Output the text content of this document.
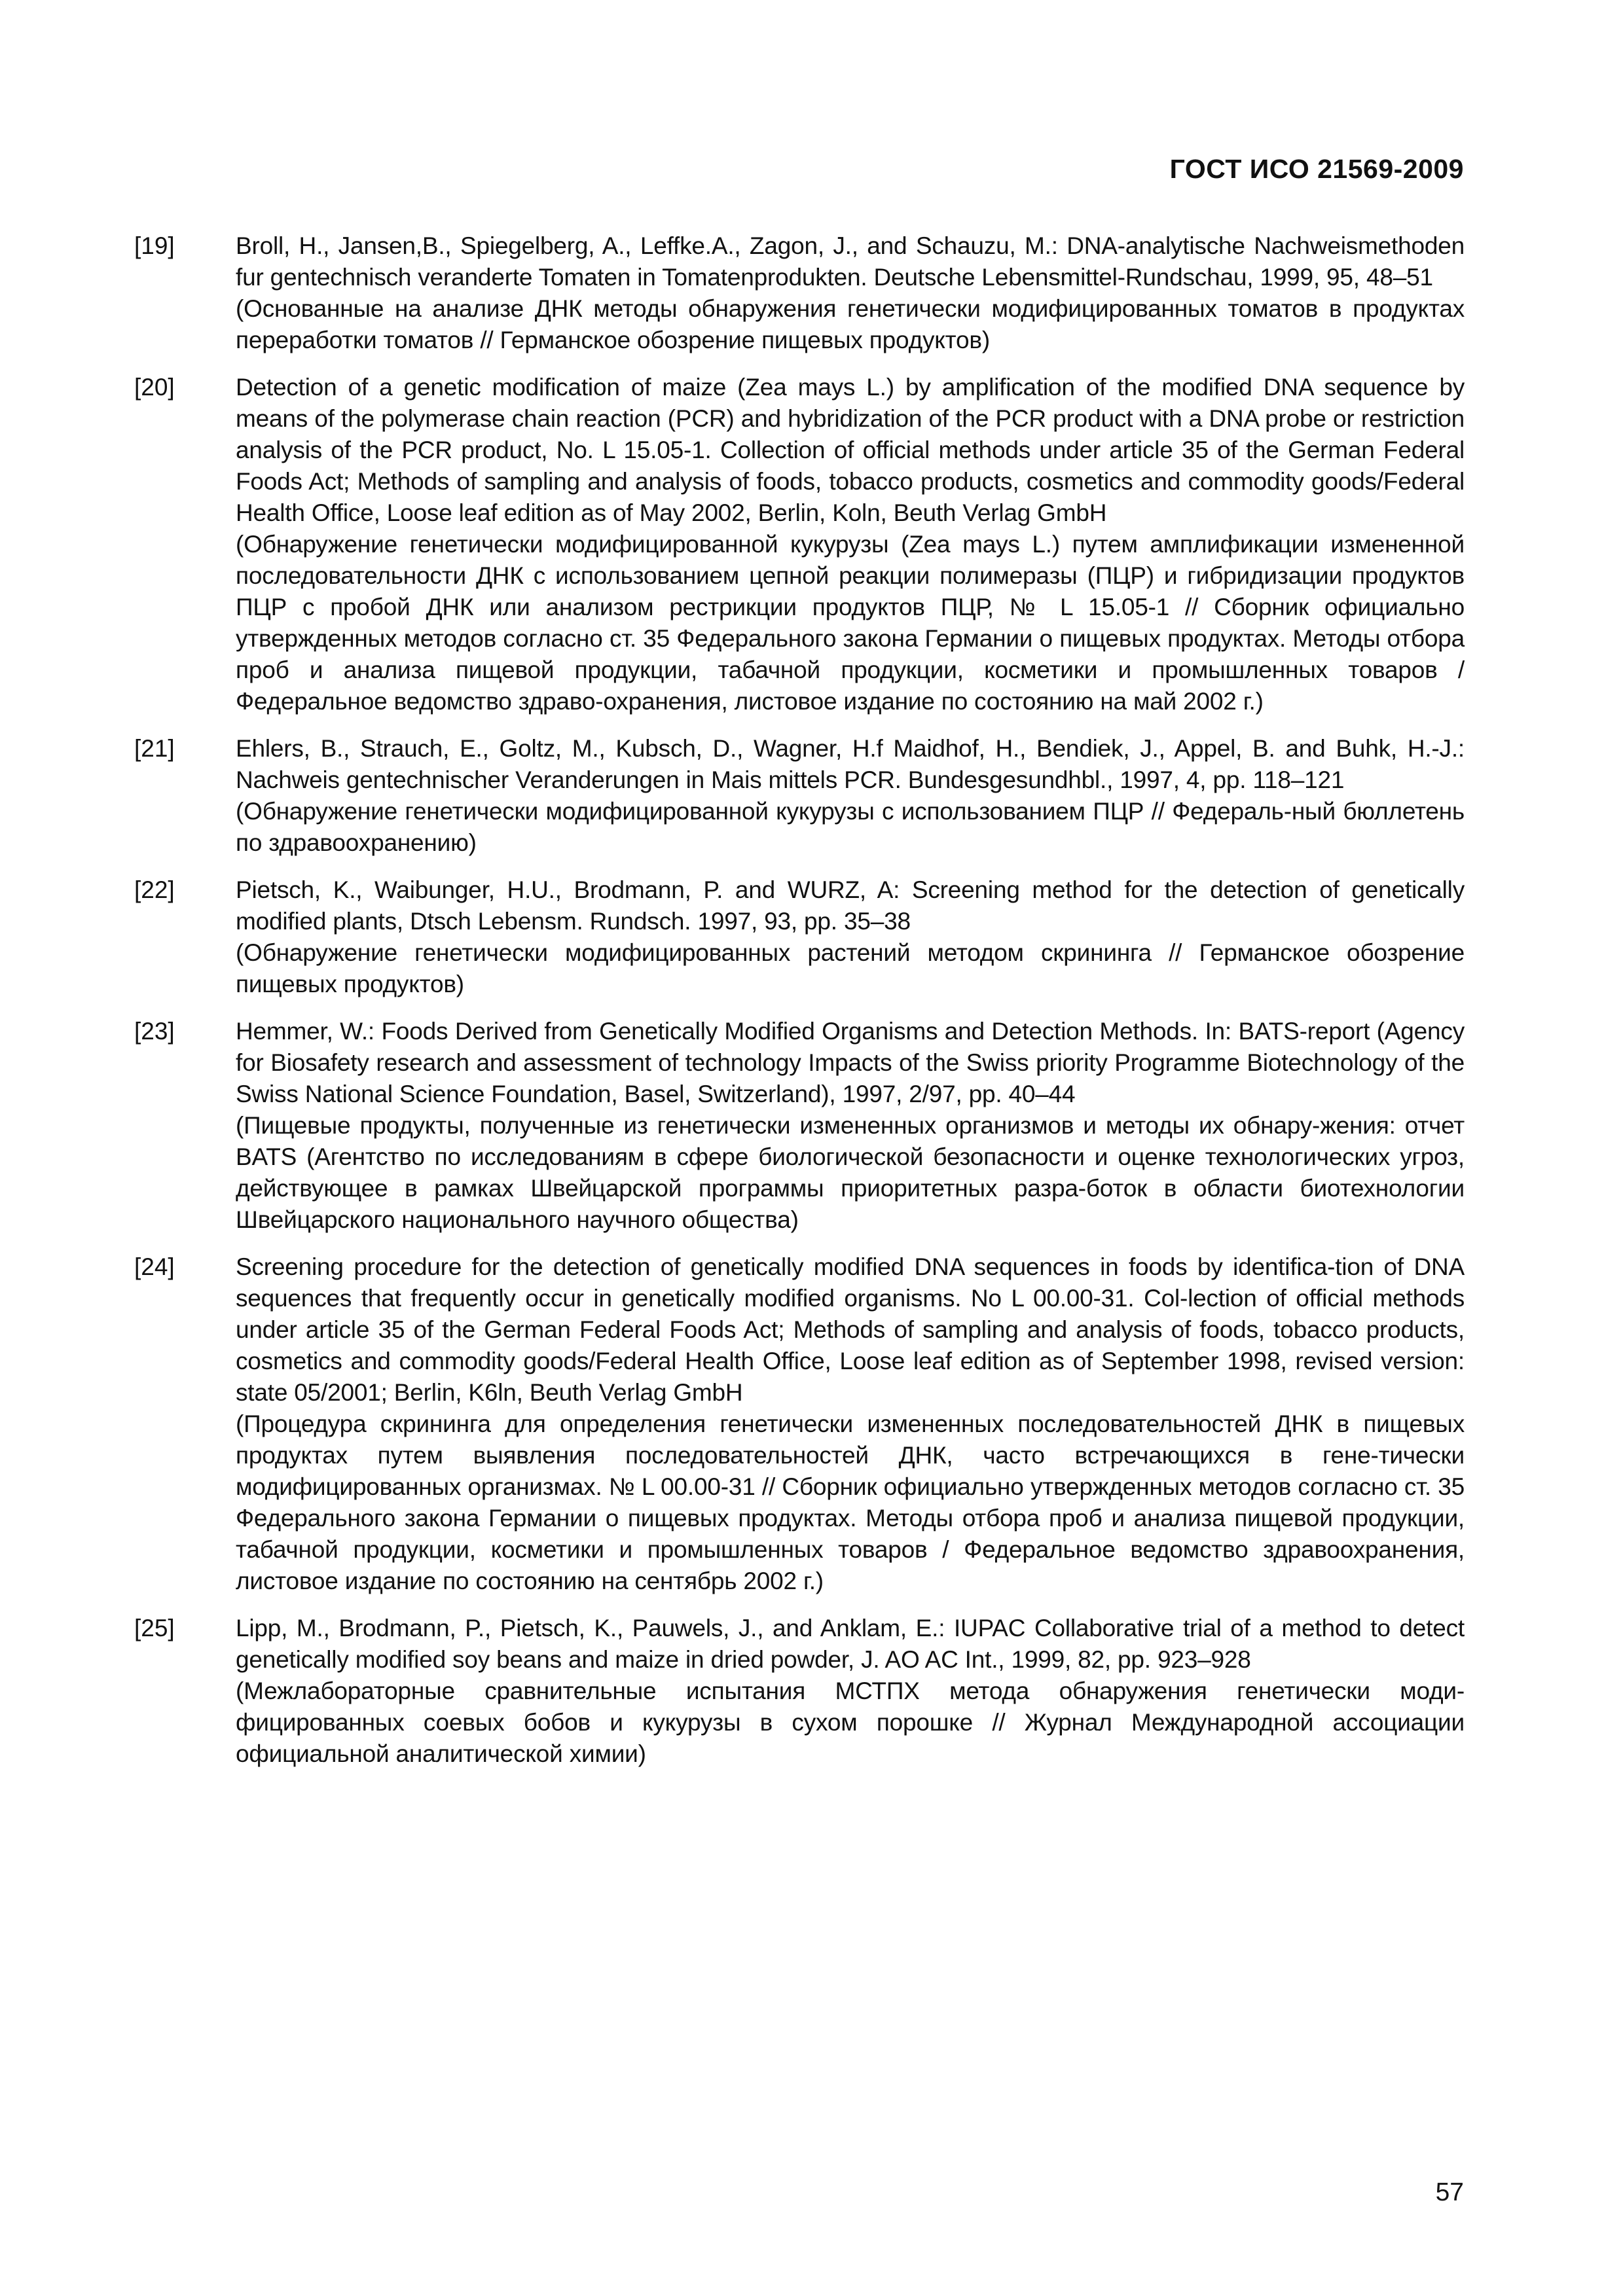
ГОСТ ИСО 21569-2009
[19]	Broll, H., Jansen,B., Spiegelberg, A., Leffke.A., Zagon, J., and Schauzu, M.: DNA-analytische Nachweismethoden fur gentechnisch veranderte Tomaten in Tomatenprodukten. Deutsche Lebensmittel-Rundschau, 1999, 95, 48–51
(Основанные на анализе ДНК методы обнаружения генетически модифицированных томатов в продуктах переработки томатов // Германское обозрение пищевых продуктов)
[20]	Detection of a genetic modification of maize (Zea mays L.) by amplification of the modified DNA sequence by means of the polymerase chain reaction (PCR) and hybridization of the PCR product with a DNA probe or restriction analysis of the PCR product, No. L 15.05-1. Collection of official methods under article 35 of the German Federal Foods Act; Methods of sampling and analysis of foods, tobacco products, cosmetics and commodity goods/Federal Health Office, Loose leaf edition as of May 2002, Berlin, Koln, Beuth Verlag GmbH
(Обнаружение генетически модифицированной кукурузы (Zea mays L.) путем амплификации измененной последовательности ДНК с использованием цепной реакции полимеразы (ПЦР) и гибридизации продуктов ПЦР с пробой ДНК или анализом рестрикции продуктов ПЦР, № L 15.05-1 // Сборник официально утвержденных методов согласно ст. 35 Федерального закона Германии о пищевых продуктах. Методы отбора проб и анализа пищевой продукции, табачной продукции, косметики и промышленных товаров / Федеральное ведомство здраво-охранения, листовое издание по состоянию на май 2002 г.)
[21]	Ehlers, B., Strauch, E., Goltz, M., Kubsch, D., Wagner, H.f Maidhof, H., Bendiek, J., Appel, B. and Buhk, H.-J.: Nachweis gentechnischer Veranderungen in Mais mittels PCR. Bundesgesundhbl., 1997, 4, pp. 118–121
(Обнаружение генетически модифицированной кукурузы с использованием ПЦР // Федераль-ный бюллетень по здравоохранению)
[22]	Pietsch, K., Waibunger, H.U., Brodmann, P. and WURZ, A: Screening method for the detection of genetically modified plants, Dtsch Lebensm. Rundsch. 1997, 93, pp. 35–38
(Обнаружение генетически модифицированных растений методом скрининга // Германское обозрение пищевых продуктов)
[23]	Hemmer, W.: Foods Derived from Genetically Modified Organisms and Detection Methods. In: BATS-report (Agency for Biosafety research and assessment of technology Impacts of the Swiss priority Programme Biotechnology of the Swiss National Science Foundation, Basel, Switzerland), 1997, 2/97, pp. 40–44
(Пищевые продукты, полученные из генетически измененных организмов и методы их обнару-жения: отчет BATS (Агентство по исследованиям в сфере биологической безопасности и оценке технологических угроз, действующее в рамках Швейцарской программы приоритетных разра-боток в области биотехнологии Швейцарского национального научного общества)
[24]	Screening procedure for the detection of genetically modified DNA sequences in foods by identifica-tion of DNA sequences that frequently occur in genetically modified organisms. No L 00.00-31. Col-lection of official methods under article 35 of the German Federal Foods Act; Methods of sampling and analysis of foods, tobacco products, cosmetics and commodity goods/Federal Health Office, Loose leaf edition as of September 1998, revised version: state 05/2001; Berlin, K6ln, Beuth Verlag GmbH
(Процедура скрининга для определения генетически измененных последовательностей ДНК в пищевых продуктах путем выявления последовательностей ДНК, часто встречающихся в гене-тически модифицированных организмах. № L 00.00-31 // Сборник официально утвержденных методов согласно ст. 35 Федерального закона Германии о пищевых продуктах. Методы отбора проб и анализа пищевой продукции, табачной продукции, косметики и промышленных товаров / Федеральное ведомство здравоохранения, листовое издание по состоянию на сентябрь 2002 г.)
[25]	Lipp, M., Brodmann, P., Pietsch, K., Pauwels, J., and Anklam, E.: IUPAC Collaborative trial of a method to detect genetically modified soy beans and maize in dried powder, J. AO AC Int., 1999, 82, pp. 923–928
(Межлабораторные сравнительные испытания МСТПХ метода обнаружения генетически моди-фицированных соевых бобов и кукурузы в сухом порошке // Журнал Международной ассоциации официальной аналитической химии)
57
